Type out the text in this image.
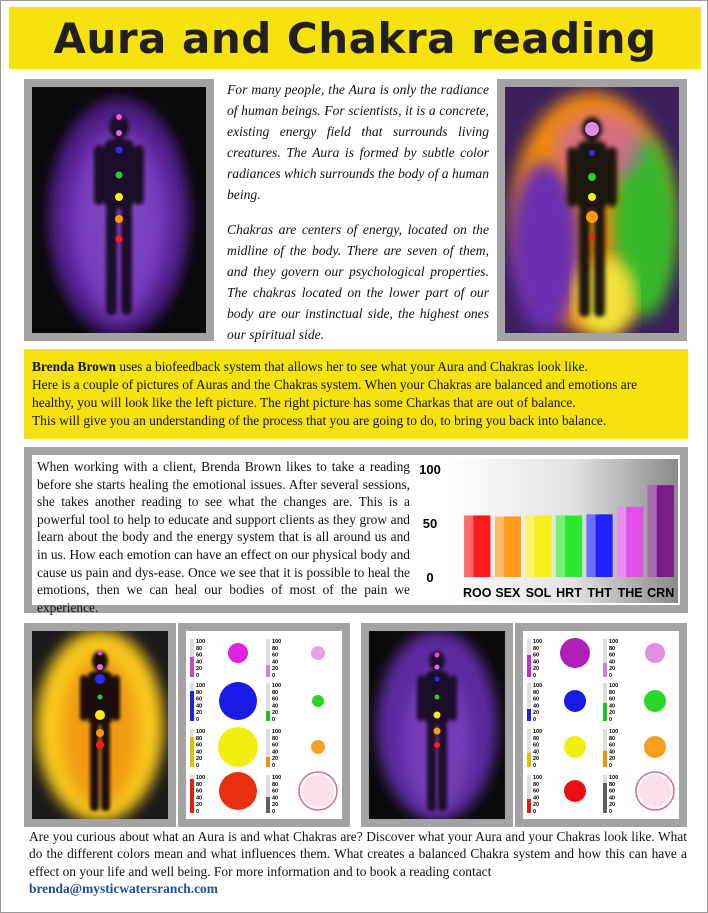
Aura and Chakra reading

For many people, the Aura is only the radiance of human beings. For scientists, it is a concrete, existing energy field that surrounds living creatures. The Aura is formed by subtle color radiances which surrounds the body of a human being.

Chakras are centers of energy, located on the midline of the body. There are seven of them, and they govern our psychological properties. The chakras located on the lower part of our body are our instinctual side, the highest ones our spiritual side.

Brenda Brown uses a biofeedback system that allows her to see what your Aura and Chakras look like.
Here is a couple of pictures of Auras and the Chakras system. When your Chakras are balanced and emotions are healthy, you will look like the left picture. The right picture has some Charkas that are out of balance.
This will give you an understanding of the process that you are going to do, to bring you back into balance.
When working with a client, Brenda Brown likes to take a reading before she starts healing the emotional issues. After several sessions, she takes another reading to see what the changes are. This is a powerful tool to help to educate and support clients as they grow and learn about the body and the energy system that is all around us and in us. How each emotion can have an effect on our physical body and cause us pain and dys-ease. Once we see that it is possible to heal the emotions, then we can heal our bodies of most of the pain we experience.
0
50
100
ROO SEX SOL HRT THT THE CRN
100
80
60
40
20
0
100
80
60
40
20
0
100
80
60
40
20
0
100
80
60
40
20
0
100
80
60
40
20
0
100
80
60
40
20
0
100
80
60
40
20
0
100
80
60
40
20
0
100
80
60
40
20
0
100
80
60
40
20
0
100
80
60
40
20
0
100
80
60
40
20
0
100
80
60
40
20
0
100
80
60
40
20
0
100
80
60
40
20
0
100
80
60
40
20
0
Are you curious about what an Aura is and what Chakras are? Discover what your Aura and your Chakras look like. What do the different colors mean and what influences them. What creates a balanced Chakra system and how this can have a effect on your life and well being. For more information and to book a reading contact
brenda@mysticwatersranch.com
